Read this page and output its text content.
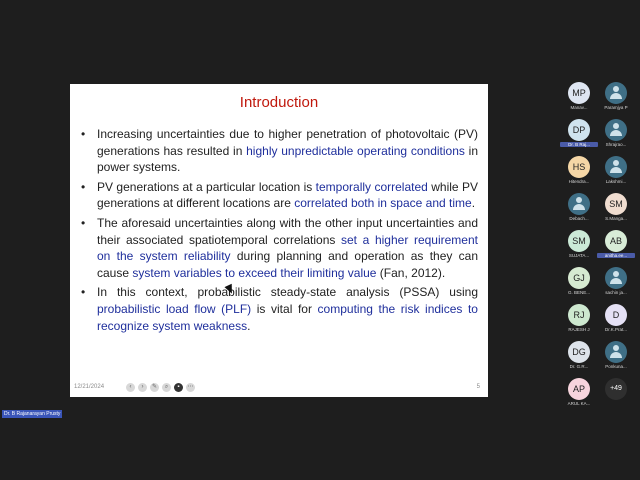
Introduction
• Increasing uncertainties due to higher penetration of photovoltaic (PV) generations has resulted in highly unpredictable operating conditions in power systems.
• PV generations at a particular location is temporally correlated while PV generations at different locations are correlated both in space and time.
• The aforesaid uncertainties along with the other input uncertainties and their associated spatiotemporal correlations set a higher requirement on the system reliability during planning and operation as they can cause system variables to exceed their limiting value (Fan, 2012).
• In this context, probabilistic steady-state analysis (PSSA) using probabilistic load flow (PLF) is vital for computing the risk indices to recognize system weakness.
12/21/2024	‹	›	✎	⌕	▪	⋯	5
MP
Manav...	Paramjya P
DP
Dr. B Raj...	Shrajrao...
HS
Hitendra...	Lakshmi...
Debach...
SM
S.Manga...
SM
SUJATA...
AB
anitha.ee...
GJ
G. BENE...	sachin ja...
RJ
RAJESH J
D
Dr.K.Prat...
DG
Dr. G.R...	Ponkuna...
AP
ARUL KA...
+49
Dr. B Rajanarayan Prusty
